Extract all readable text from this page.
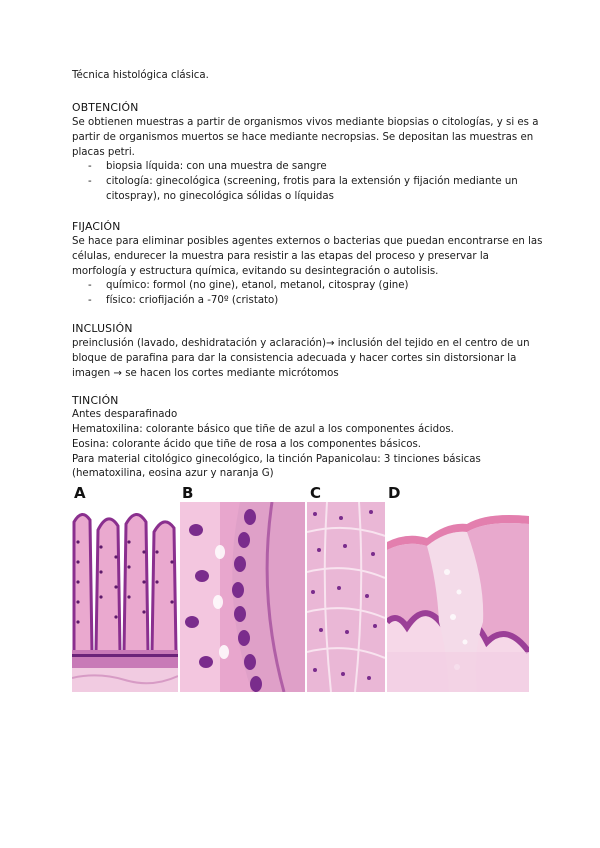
Técnica histológica clásica.
OBTENCIÓN
Se obtienen muestras a partir de organismos vivos mediante biopsias o citologías, y si es a
partir de organismos muertos se hace mediante necropsias. Se depositan las muestras en
placas petri.
- biopsia líquida: con una muestra de sangre
- citología: ginecológica (screening, frotis para la extensión y fijación mediante un
citospray), no ginecológica sólidas o líquidas
FIJACIÓN
Se hace para eliminar posibles agentes externos o bacterias que puedan encontrarse en las
células, endurecer la muestra para resistir a las etapas del proceso y preservar la
morfología y estructura química, evitando su desintegración o autolisis.
- químico: formol (no gine), etanol, metanol, citospray (gine)
- físico: criofijación a -70º (cristato)
INCLUSIÓN
preinclusión (lavado, deshidratación y aclaración)→ inclusión del tejido en el centro de un
bloque de parafina para dar la consistencia adecuada y hacer cortes sin distorsionar la
imagen → se hacen los cortes mediante micrótomos
TINCIÓN
Antes desparafinado
Hematoxilina: colorante básico que tiñe de azul a los componentes ácidos.
Eosina: colorante ácido que tiñe de rosa a los componentes básicos.
Para material citológico ginecológico, la tinción Papanicolau: 3 tinciones básicas
(hematoxilina, eosina azur y naranja G)
A	B	C	D
